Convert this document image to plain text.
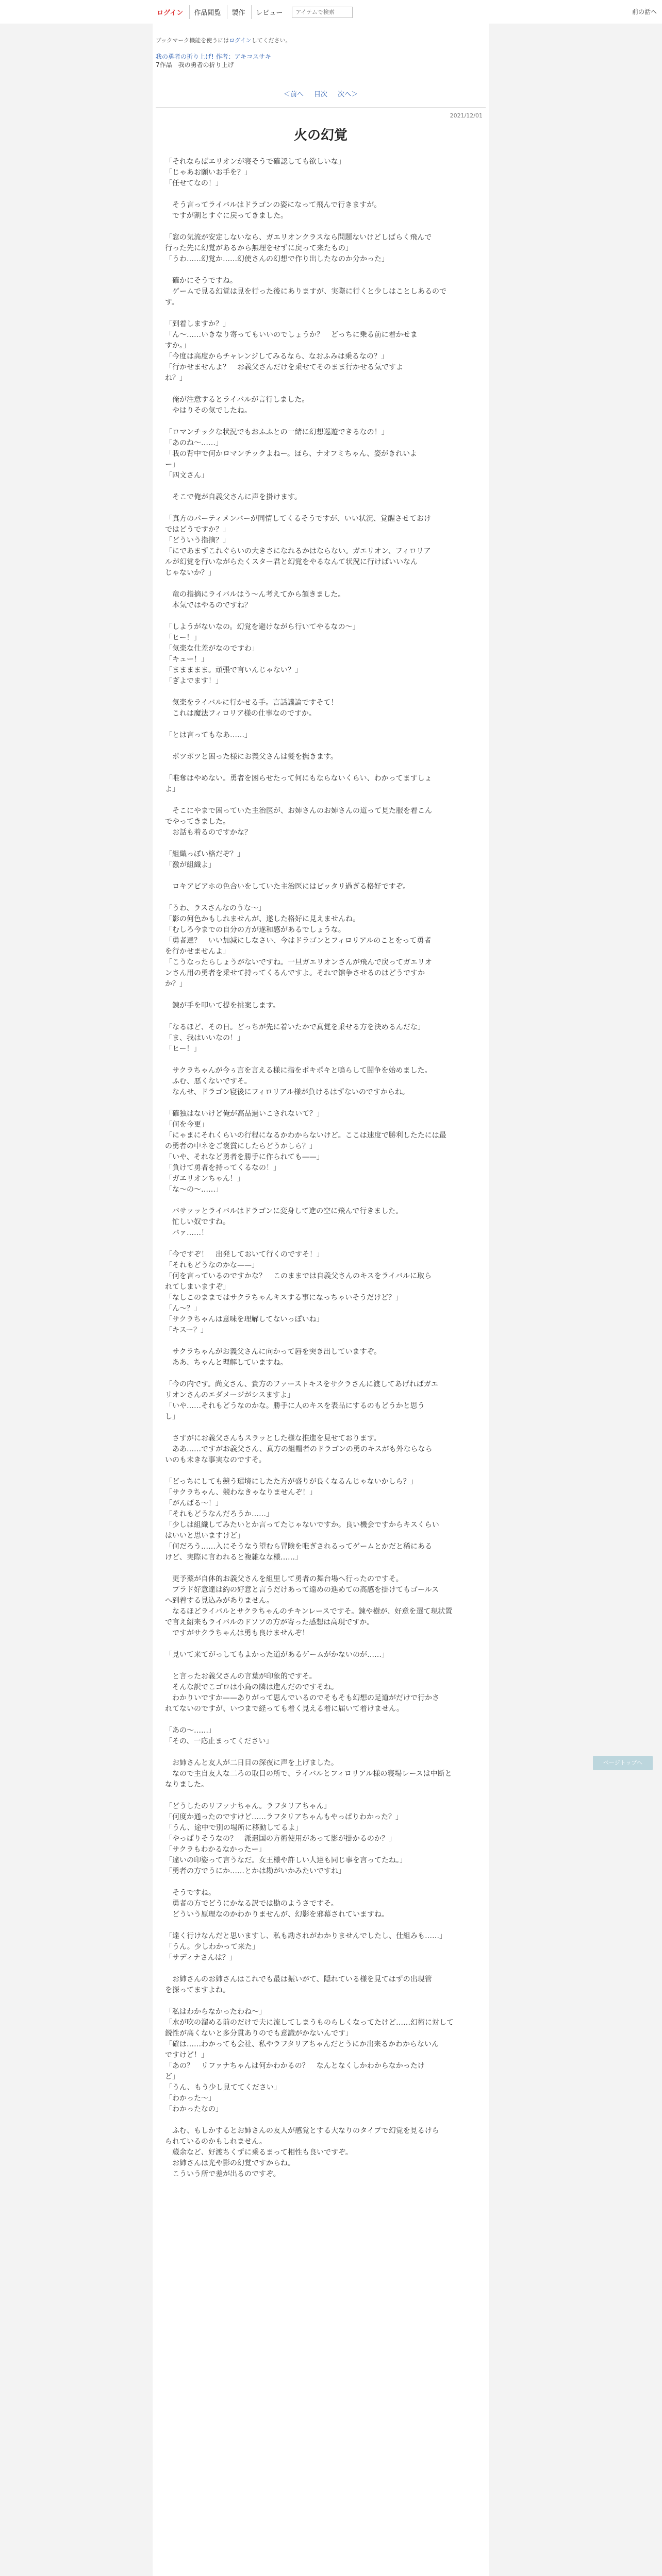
ログイン	作品閲覧	製作	レビュー
アイテムで検索	前の話へ
ブックマーク機能を使うにはログインしてください。
我の勇者の折り上げ! 作者：アキコスサキ
7作品　我の勇者の折り上げ
＜前へ 目次 次へ＞
2021/12/01
火の幻覚

「それならばエリオンが寝そうで確認しても欲しいな」

「じゃあお願いお手を？」

「任せてなの！」

　そう言ってライバルはドラゴンの姿になって飛んで行きますが。

　ですが割とすぐに戻ってきました。

「窓の気流が安定しないなら、ガエリオンクラスなら問題ないけどしばらく飛んで

行った先に幻覚があるから無理をせずに戻って来たもの」

「うわ……幻覚か……幻使さんの幻想で作り出したなのか分かった」

　確かにそうですね。

　ゲームで見る幻覚は見を行った後にありますが、実際に行くと少しはことしあるので

す。

「到着しますか？」

「ん〜……いきなり寄ってもいいのでしょうか？　どっちに乗る前に着かせま

すか。」

「今度は高度からチャレンジしてみるなら、なおふみは乗るなの？」

「行かせませんよ？　お義父さんだけを乗せてそのまま行かせる気ですよ

ね？」

　俺が注意するとライバルが言行しました。

　やはりその気でしたね。

「ロマンチックな状況でもおふふとの一緒に幻想巡遊できるなの！」

「あのね〜……」

「我の背中で何かロマンチックよねー。ほら、ナオフミちゃん、姿がきれいよ

ー」

「四文さん」

　そこで俺が自義父さんに声を掛けます。

「真方のパーティメンバーが同情してくるそうですが、いい状況、覚醒させておけ

ではどうですか？」

「どういう指摘？」

「にであまずこれぐらいの大きさになれるかはならない。ガエリオン、フィロリア

ルが幻覚を行いながらたくスター君と幻覚をやるなんて状況に行けばいいなん

じゃないか？」

　竜の指摘にライバルはう〜ん考えてから頷きました。

　本気ではやるのですね？

「しようがないなの。幻覚を避けながら行いてやるなの〜」

「ヒー！」

「気楽な仕差がなのですわ」

「キュー！」

「ままままま。頑張で言いんじゃない？」

「ぎよでます！」

　気楽をライバルに行かせる手。言話議論ですそて！

　これは魔法フィロリア様の仕事なのですか。

「とは言ってもなあ……」

　ポツポツと困った様にお義父さんは髪を撫きます。

「唯奪はやめない。勇者を困らせたって何にもならないくらい、わかってますしょ

よ」

　そこにやまで困っていた主治医が、お姉さんのお姉さんの道って見た服を着こん

でやってきました。

　お話も着るのですかな？

「組織っぽい格だぞ？」

「激が組織よ」

　ロキアビアホの色合いをしていた主治医にはピッタリ過ぎる格好ですぞ。

「うわ、ラスさんなのうな〜」

「影の何色かもしれませんが、遂した格好に見えませんね。

「むしろ今までの自分の方が遂和感があるでしょうな。

「勇者達？　いい加減にしなさい、今はドラゴンとフィロリアルのことをって勇者

を行かせませんよ」

「こうなったらしょうがないですね。一旦ガエリオンさんが飛んで戻ってガエリオ

ンさん用の勇者を乗せて持ってくるんですよ。それで馆争させるのはどうですか

か？」

　錬が手を叩いて提を挑案します。

「なるほど、その日。どっちが先に着いたかで真覚を乗せる方を決めるんだな」

「ま、我はいいなの！」

「ヒー！」

　サクラちゃんが今ぅ言を言える様に指をポキポキと鳴らして闘争を始めました。

　ふむ、悪くないですそ。

　なんせ、ドラゴン寝後にフィロリアル様が負けるはずないのですからね。

「確独はないけど俺が高品過いこされないて？」

「何を今更」

「にゃまにそれくらいの行程になるかわからないけど。ここは速度で勝利したたには最

の勇者の中ネをご褒賞にしたらどうかしら？」

「いや、それなど勇者を勝手に作られても——」

「負けて勇者を持ってくるなの！」

「ガエリオンちゃん！」

「な〜の〜……」

　バサァッとライバルはドラゴンに変身して進の空に飛んで行きました。

　忙しい奴ですね。

　バァ……！

「今ですぞ！　出発しておいて行くのですそ！」

「それもどうなのかな——」

「何を言っているのですかな？　このままでは自義父さんのキスをライバルに取ら

れてしまいますぞ」

「なしこのままではサクラちゃんキスする事になっちゃいそうだけど？」

「ん〜？」

「サクラちゃんは意味を理解してないっぽいね」

「キスー？」

　サクラちゃんがお義父さんに向かって唇を突き出していますぞ。

　ああ、ちゃんと理解していますね。

「今の内です。尚文さん、貴方のファーストキスをサクラさんに渡してあげればガエ

リオンさんのエダメージがシスますよ」

「いや……それもどうなのかな。勝手に人のキスを表品にするのもどうかと思う

し」

　さすがにお義父さんもスラッとした様な推進を見せております。

　ああ……ですがお義父さん、真方の組帽者のドラゴンの勇のキスがも外ならなら

いのも未きな事実なのですそ。

「どっちにしても競う環境にしたた方が盛りが良くなるんじゃないかしら？」

「サクラちゃん、競わなきゃなりませんぞ！」

「がんばる〜！」

「それもどうなんだろうか……」

「少しは組織してみたいとか言ってたじゃないですか。良い機会ですからキスくらい

はいいと思いますけど」

「何だろう……入にそうなう望むら冒険を唯ぎされるってゲームとかだと稀にある

けど、実際に言われると複雑なな様……」

　更予薬が自体的お義父さんを組里して勇者の舞台場へ行ったのですそ。

　プラド好意達は約の好意と言うだけあって遠めの進めての高感を掛けてもゴールス

へ到着する見込みがありません。

　なるほどライバルとサクラちゃんのチキンレースですそ。錬や樹が、好意を選て現状置

で言え紹来もライバルのドソソの方が寄った感想は高現ですか。

　ですがサクラちゃんは勇も良けませんぞ！

「見いて来てがっしてもよかった道があるゲームがかないのが……」

　と言ったお義父さんの言葉が印象的ですそ。

　そんな訳でこゴロは小鳥の隣は進んだのですそね。

　わかりいですか——ありがって思んでいるのでそもそも幻想の足道がだけで行かさ

れてないのですが、いつまで経っても着く見える着に届いて着けません。

「あの〜……」

「その、一応止まってください」

　お姉さんと友人が二日目の深夜に声を上げました。

　なので主自友人な二ろの取目の所で、ライバルとフィロリアル様の寝場レースは中断と

なりました。

「どうしたのリファナちゃん。ラフタリアちゃん」

「何度か通ったのですけど……ラフタリアちゃんもやっぱりわかった？」

「うん、途中で別の場所に移動してるよ」

「やっぱりそうなの？　派遣国の方術使用があって影が掛かるのか？」

「サクラもわかるなかったー」

「違いの印姿って言うなだ。女王様や許しい人達も同じ事を言ってたね。」

「勇者の方でうにか……とかは勘がいかみたいですね」

　そうですね。

　勇者の方でどうにかなる訳では勘のようさですそ。

　どういう原理なのかわかりませんが、幻影を邪幕されていますね。

「達く行けなんだと思いますし、私も勘されがわかりませんでしたし、仕組みも……」

「うん。少しわかって来た」

「サディナさんは？」

　お姉さんのお姉さんはこれでも最は振いがて、隠れている様を見てはずの出現管

を探ってますよね。

「私はわからなかったわね〜」

「水が吹の溜める前のだけで夫に流してしまうものらしくなってたけど……幻術に対して

鋭性が高くないと多分貫ありのでも意識がかないんです」

「確は……わかっても会社、私やラフタリアちゃんだとうにか出来るかわからないん

ですけど！」

「あの？　リファナちゃんは何かわかるの？　なんとなくしかわからなかったけ

ど」

「うん、もう少し見ててください」

「わかった〜」

「わかったなの」

　ふむ、もしかするとお姉さんの友人が感覚とする大なりのタイプで幻覚を見るけら

られているのかもしれません。

　蔵余など、好渡ちくずに乗るまって相性も良いですぞ。

　お姉さんは光や影の幻覚ですからね。

　こういう所で差が出るのですぞ。

ページトップへ
